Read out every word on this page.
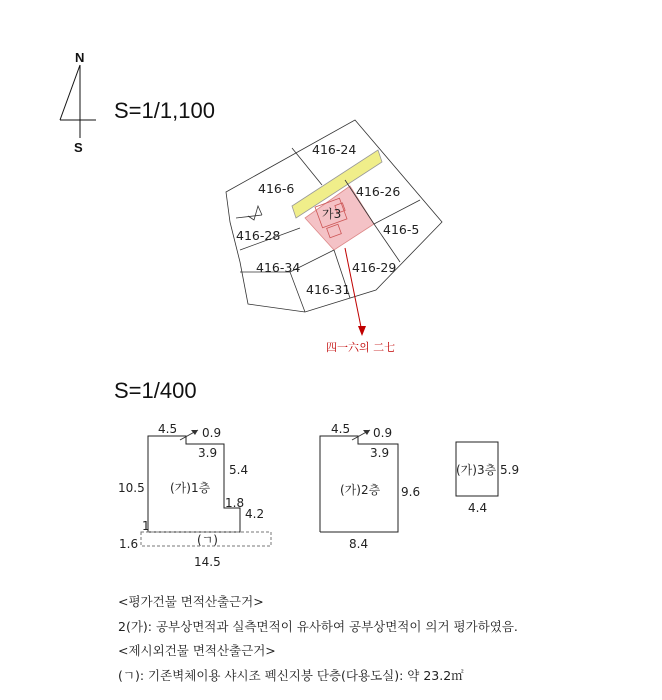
N
S
S=1/1,100
416-24
416-6	416-26
416-28	416-5
416-34	416-29
416-31
가3
四一六의 二七
S=1/400
4.5 0.9
3.9
5.4
10.5
1.8
4.2
1
1.6
14.5
(가)1층
(ㄱ)
4.5 0.9
3.9
9.6
8.4
(가)2층
(가)3층 5.9
4.4
<평가건물 면적산출근거>
2(가): 공부상면적과 실측면적이 유사하여 공부상면적이 의거 평가하였음.
<제시외건물 면적산출근거>
(ㄱ): 기존벽체이용 샤시조 펙신지붕 단층(다용도실): 약 23.2㎡
